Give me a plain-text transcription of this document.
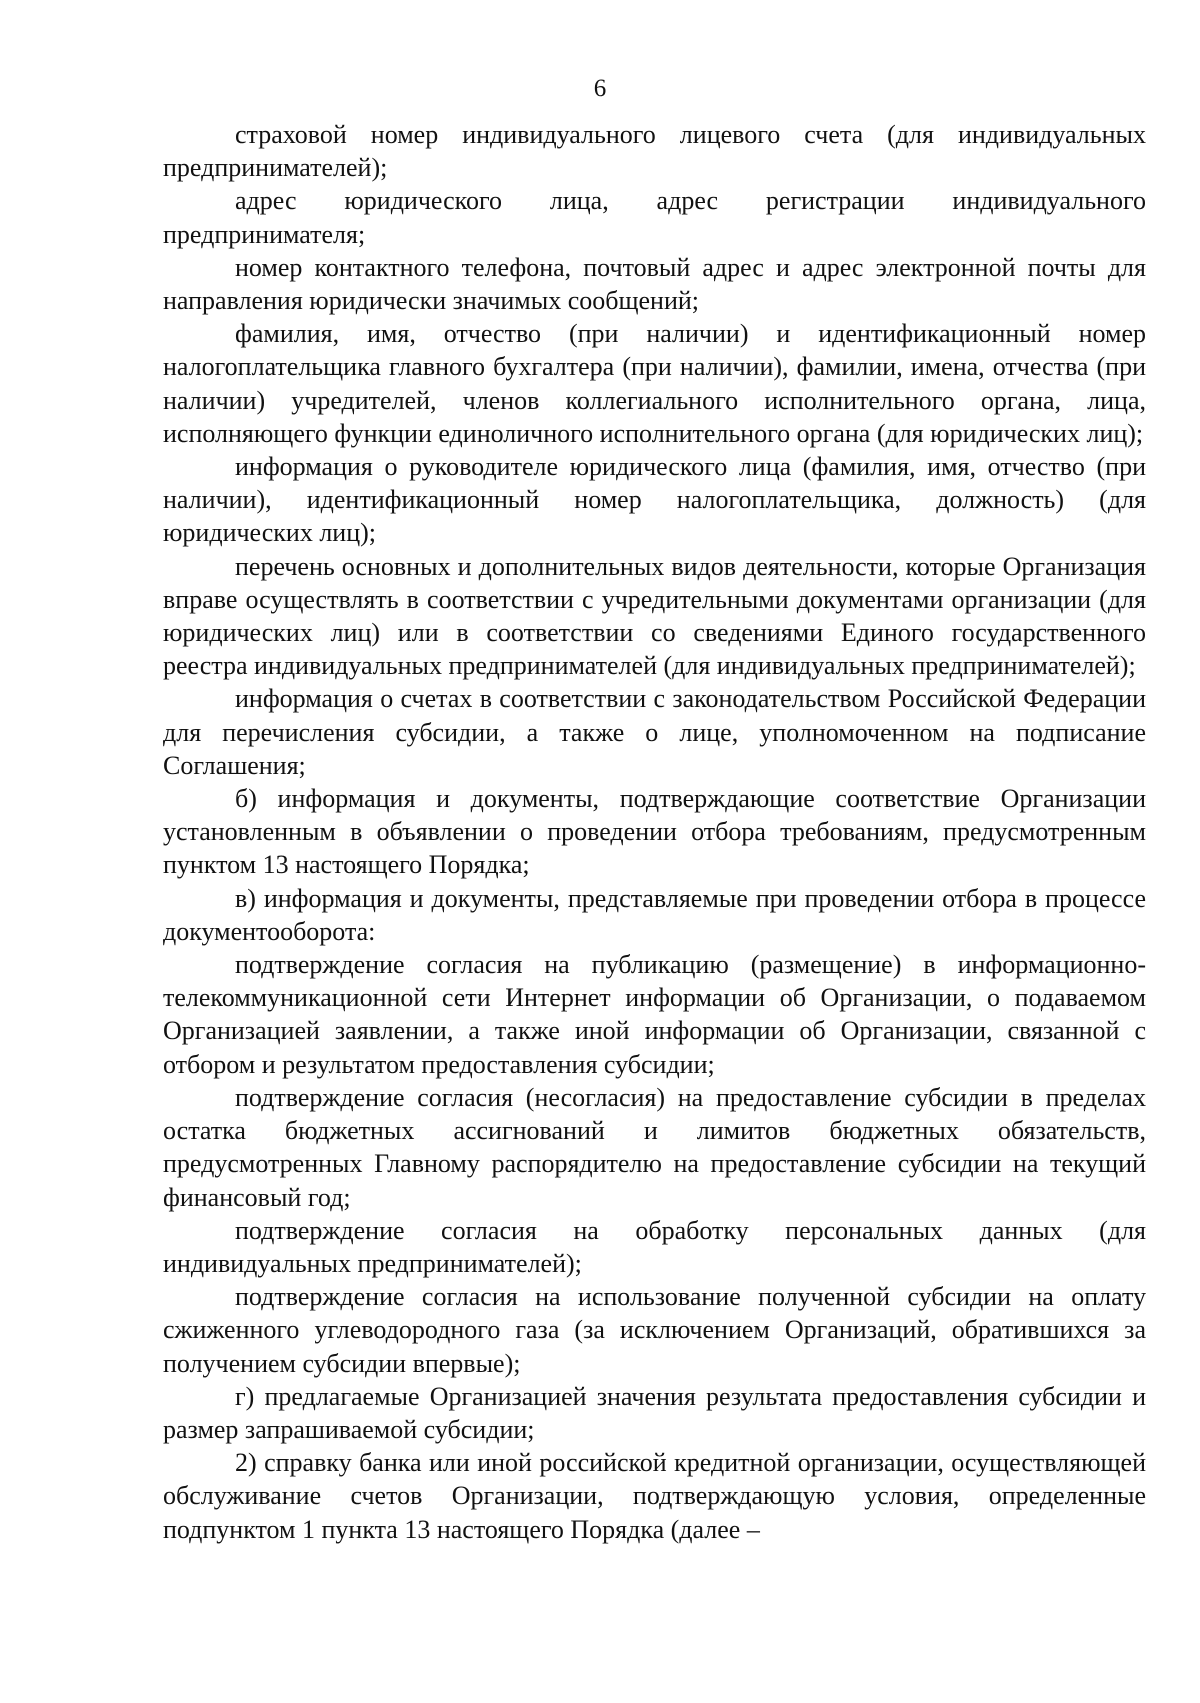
6

страховой номер индивидуального лицевого счета (для индивидуальных предпринимателей);

адрес юридического лица, адрес регистрации индивидуального предпринимателя;

номер контактного телефона, почтовый адрес и адрес электронной почты для направления юридически значимых сообщений;

фамилия, имя, отчество (при наличии) и идентификационный номер налогоплательщика главного бухгалтера (при наличии), фамилии, имена, отчества (при наличии) учредителей, членов коллегиального исполнительного органа, лица, исполняющего функции единоличного исполнительного органа (для юридических лиц);

информация о руководителе юридического лица (фамилия, имя, отчество (при наличии), идентификационный номер налогоплательщика, должность) (для юридических лиц);

перечень основных и дополнительных видов деятельности, которые Организация вправе осуществлять в соответствии с учредительными документами организации (для юридических лиц) или в соответствии со сведениями Единого государственного реестра индивидуальных предпринимателей (для индивидуальных предпринимателей);

информация о счетах в соответствии с законодательством Российской Федерации для перечисления субсидии, а также о лице, уполномоченном на подписание Соглашения;

б) информация и документы, подтверждающие соответствие Организации установленным в объявлении о проведении отбора требованиям, предусмотренным пунктом 13 настоящего Порядка;

в) информация и документы, представляемые при проведении отбора в процессе документооборота:

подтверждение согласия на публикацию (размещение) в информационно-телекоммуникационной сети Интернет информации об Организации, о подаваемом Организацией заявлении, а также иной информации об Организации, связанной с отбором и результатом предоставления субсидии;

подтверждение согласия (несогласия) на предоставление субсидии в пределах остатка бюджетных ассигнований и лимитов бюджетных обязательств, предусмотренных Главному распорядителю на предоставление субсидии на текущий финансовый год;

подтверждение согласия на обработку персональных данных (для индивидуальных предпринимателей);

подтверждение согласия на использование полученной субсидии на оплату сжиженного углеводородного газа (за исключением Организаций, обратившихся за получением субсидии впервые);

г) предлагаемые Организацией значения результата предоставления субсидии и размер запрашиваемой субсидии;

2) справку банка или иной российской кредитной организации, осуществляющей обслуживание счетов Организации, подтверждающую условия, определенные подпунктом 1 пункта 13 настоящего Порядка (далее –
